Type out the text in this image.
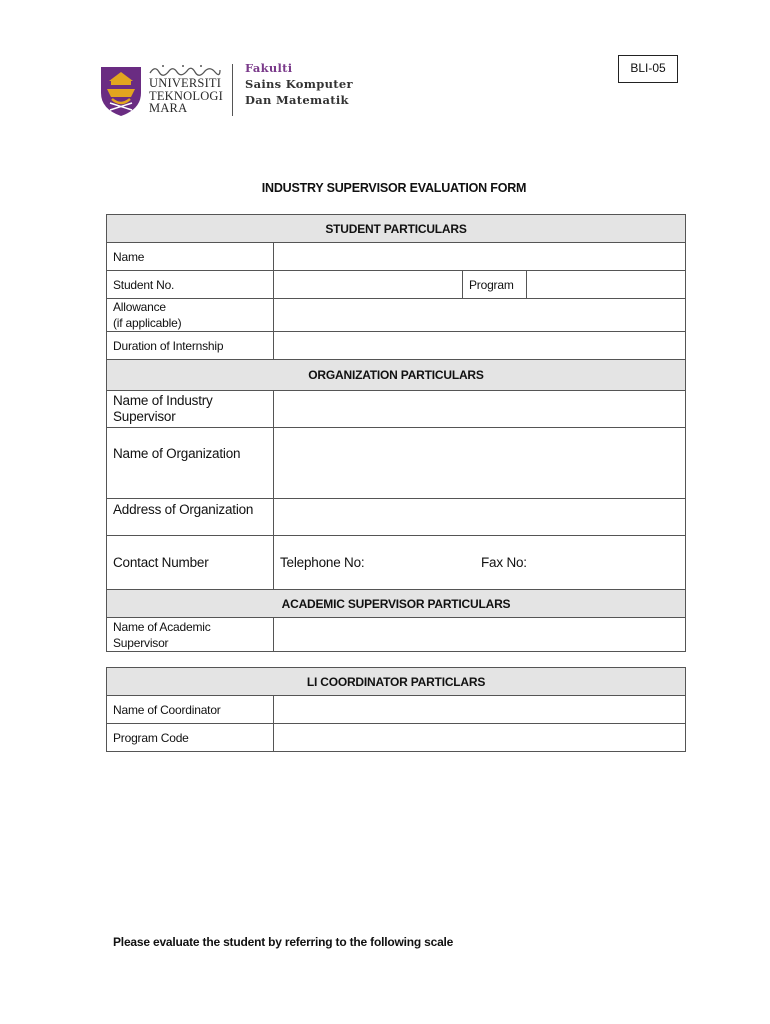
UNIVERSITI
TEKNOLOGI
MARA
Fakulti
Sains Komputer
Dan Matematik
BLI-05
INDUSTRY SUPERVISOR EVALUATION FORM
STUDENT PARTICULARS			
Name			
Student No.		Program	

Allowance
(if applicable)			

Duration of Internship			
ORGANIZATION PARTICULARS			

Name of Industry
Supervisor			

Name of Organization			
Address of Organization			
Contact Number	Telephone No: Fax No:		
ACADEMIC SUPERVISOR PARTICULARS			

Name of Academic
Supervisor			

LI COORDINATOR PARTICLARS	
Name of Coordinator	
Program Code	
Please evaluate the student by referring to the following scale
